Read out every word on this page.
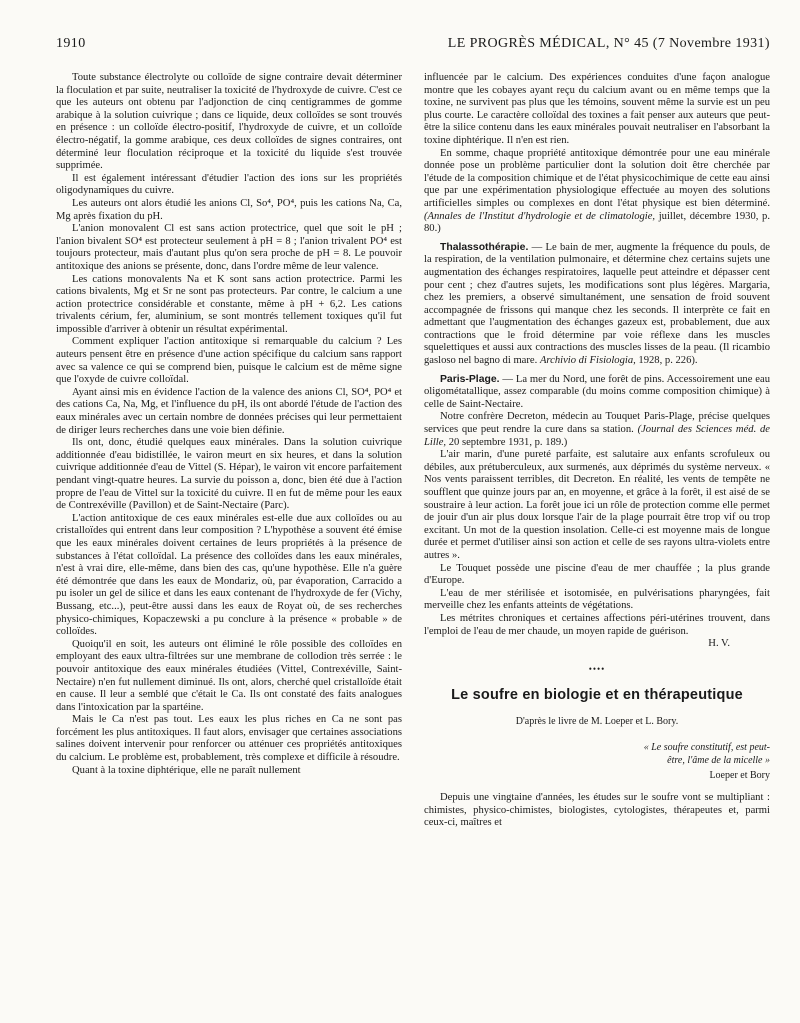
1910	LE PROGRÈS MÉDICAL, N° 45 (7 Novembre 1931)

Toute substance électrolyte ou colloïde de signe contraire devait déterminer la floculation et par suite, neutraliser la toxicité de l'hydroxyde de cuivre. C'est ce que les auteurs ont obtenu par l'adjonction de cinq centigrammes de gomme arabique à la solution cuivrique ; dans ce liquide, deux colloïdes se sont trouvés en présence : un colloïde électro-positif, l'hydroxyde de cuivre, et un colloïde électro-négatif, la gomme arabique, ces deux colloïdes de signes contraires, ont déterminé leur floculation réciproque et la toxicité du liquide s'est trouvée supprimée.

Il est également intéressant d'étudier l'action des ions sur les propriétés oligodynamiques du cuivre.

Les auteurs ont alors étudié les anions Cl, So⁴, PO⁴, puis les cations Na, Ca, Mg après fixation du pH.

L'anion monovalent Cl est sans action protectrice, quel que soit le pH ; l'anion bivalent SO⁴ est protecteur seulement à pH = 8 ; l'anion trivalent PO⁴ est toujours protecteur, mais d'autant plus qu'on sera proche de pH = 8. Le pouvoir antitoxique des anions se présente, donc, dans l'ordre même de leur valence.

Les cations monovalents Na et K sont sans action protectrice. Parmi les cations bivalents, Mg et Sr ne sont pas protecteurs. Par contre, le calcium a une action protectrice considérable et constante, même à pH + 6,2. Les cations trivalents cérium, fer, aluminium, se sont montrés tellement toxiques qu'il fut impossible d'arriver à obtenir un résultat expérimental.

Comment expliquer l'action antitoxique si remarquable du calcium ? Les auteurs pensent être en présence d'une action spécifique du calcium sans rapport avec sa valence ce qui se comprend bien, puisque le calcium est de même signe que l'oxyde de cuivre colloïdal.

Ayant ainsi mis en évidence l'action de la valence des anions Cl, SO⁴, PO⁴ et des cations Ca, Na, Mg, et l'influence du pH, ils ont abordé l'étude de l'action des eaux minérales avec un certain nombre de données précises qui leur permettaient de diriger leurs recherches dans une voie bien définie.

Ils ont, donc, étudié quelques eaux minérales. Dans la solution cuivrique additionnée d'eau bidistillée, le vairon meurt en six heures, et dans la solution cuivrique additionnée d'eau de Vittel (S. Hépar), le vairon vit encore parfaitement pendant vingt-quatre heures. La survie du poisson a, donc, bien été due à l'action propre de l'eau de Vittel sur la toxicité du cuivre. Il en fut de même pour les eaux de Contrexéville (Pavillon) et de Saint-Nectaire (Parc).

L'action antitoxique de ces eaux minérales est-elle due aux colloïdes ou au cristalloïdes qui entrent dans leur composition ? L'hypothèse a souvent été émise que les eaux minérales doivent certaines de leurs propriétés à la présence de substances à l'état colloïdal. La présence des colloïdes dans les eaux minérales, n'est à vrai dire, elle-même, dans bien des cas, qu'une hypothèse. Elle n'a guère été démontrée que dans les eaux de Mondariz, où, par évaporation, Carracido a pu isoler un gel de silice et dans les eaux contenant de l'hydroxyde de fer (Vichy, Bussang, etc...), peut-être aussi dans les eaux de Royat où, de ses recherches physico-chimiques, Kopaczewski a pu conclure à la présence « probable » de colloïdes.

Quoiqu'il en soit, les auteurs ont éliminé le rôle possible des colloïdes en employant des eaux ultra-filtrées sur une membrane de collodion très serrée : le pouvoir antitoxique des eaux minérales étudiées (Vittel, Contrexéville, Saint-Nectaire) n'en fut nullement diminué. Ils ont, alors, cherché quel cristalloïde était en cause. Il leur a semblé que c'était le Ca. Ils ont constaté des faits analogues dans l'intoxication par la spartéine.

Mais le Ca n'est pas tout. Les eaux les plus riches en Ca ne sont pas forcément les plus antitoxiques. Il faut alors, envisager que certaines associations salines doivent intervenir pour renforcer ou atténuer ces propriétés antitoxiques du calcium. Le problème est, probablement, très complexe et difficile à résoudre.

Quant à la toxine diphtérique, elle ne paraît nullement

influencée par le calcium. Des expériences conduites d'une façon analogue montre que les cobayes ayant reçu du calcium avant ou en même temps que la toxine, ne survivent pas plus que les témoins, souvent même la survie est un peu plus courte. Le caractère colloïdal des toxines a fait penser aux auteurs que peut-être la silice contenu dans les eaux minérales pouvait neutraliser en l'absorbant la toxine diphtérique. Il n'en est rien.

En somme, chaque propriété antitoxique démontrée pour une eau minérale donnée pose un problème particulier dont la solution doit être cherchée par l'étude de la composition chimique et de l'état physicochimique de cette eau ainsi que par une expérimentation physiologique effectuée au moyen des solutions artificielles simples ou complexes en dont l'état physique est bien déterminé. (Annales de l'Institut d'hydrologie et de climatologie, juillet, décembre 1930, p. 80.)

Thalassothérapie. — Le bain de mer, augmente la fréquence du pouls, de la respiration, de la ventilation pulmonaire, et détermine chez certains sujets une augmentation des échanges respiratoires, laquelle peut atteindre et dépasser cent pour cent ; chez d'autres sujets, les modifications sont plus légères. Margaria, chez les premiers, a observé simultanément, une sensation de froid souvent accompagnée de frissons qui manque chez les seconds. Il interprète ce fait en admettant que l'augmentation des échanges gazeux est, probablement, due aux contractions que le froid détermine par voie réflexe dans les muscles squelettiques et aussi aux contractions des muscles lisses de la peau. (Il ricambio gasloso nel bagno di mare. Archivio di Fisiologia, 1928, p. 226).

Paris-Plage. — La mer du Nord, une forêt de pins. Accessoirement une eau oligométatallique, assez comparable (du moins comme composition chimique) à celle de Saint-Nectaire.

Notre confrère Decreton, médecin au Touquet Paris-Plage, précise quelques services que peut rendre la cure dans sa station. (Journal des Sciences méd. de Lille, 20 septembre 1931, p. 189.)

L'air marin, d'une pureté parfaite, est salutaire aux enfants scrofuleux ou débiles, aux prétuberculeux, aux surmenés, aux déprimés du système nerveux. « Nos vents paraissent terribles, dit Decreton. En réalité, les vents de tempête ne soufflent que quinze jours par an, en moyenne, et grâce à la forêt, il est aisé de se soustraire à leur action. La forêt joue ici un rôle de protection comme elle permet de jouir d'un air plus doux lorsque l'air de la plage pourrait être trop vif ou trop excitant. Un mot de la question insolation. Celle-ci est moyenne mais de longue durée et permet d'utiliser ainsi son action et celle de ses rayons ultra-violets entre autres ».

Le Touquet possède une piscine d'eau de mer chauffée ; la plus grande d'Europe.

L'eau de mer stérilisée et isotomisée, en pulvérisations pharyngées, fait merveille chez les enfants atteints de végétations.

Les métrites chroniques et certaines affections péri-utérines trouvent, dans l'emploi de l'eau de mer chaude, un moyen rapide de guérison.

H. V.
••••
Le soufre en biologie et en thérapeutique
D'après le livre de M. Loeper et L. Bory.
« Le soufre constitutif, est peut-
être, l'âme de la micelle »
Loeper et Bory

Depuis une vingtaine d'années, les études sur le soufre vont se multipliant : chimistes, physico-chimistes, biologistes, cytologistes, thérapeutes et, parmi ceux-ci, maîtres et
